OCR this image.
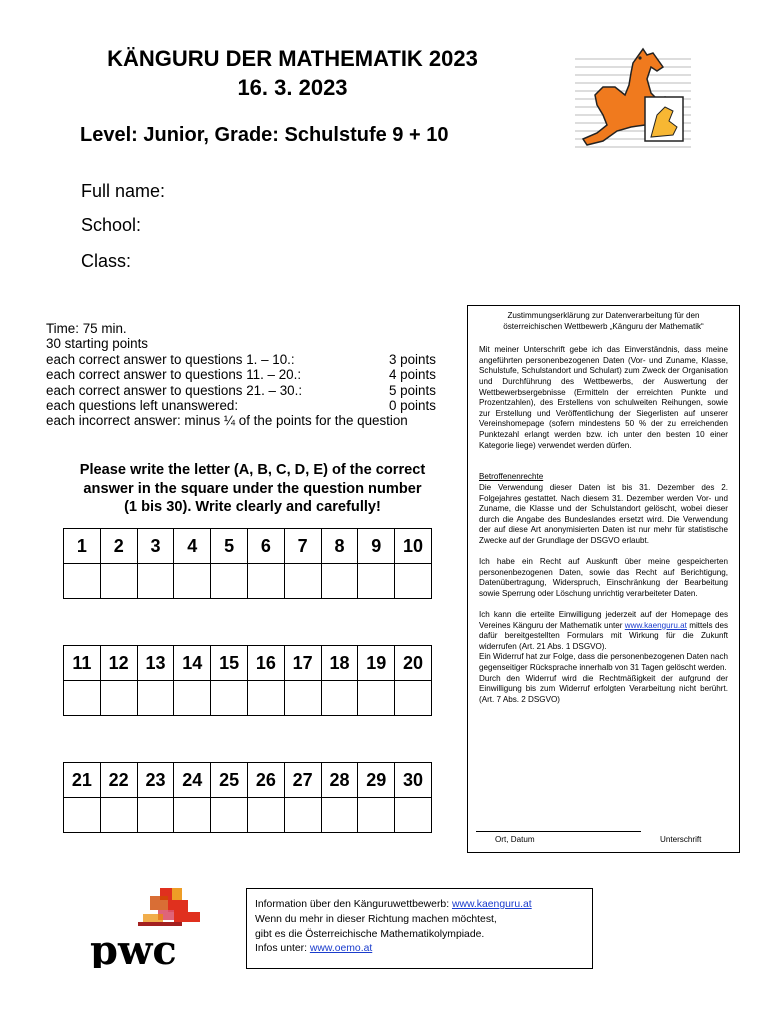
KÄNGURU DER MATHEMATIK 2023
16. 3. 2023
Level: Junior, Grade: Schulstufe 9 + 10
Full name:
School:
Class:
Time: 75 min.
30 starting points
each correct answer to questions 1. – 10.:	3 points
each correct answer to questions 11. – 20.:	4 points
each correct answer to questions 21. – 30.:	5 points
each questions left unanswered:	0 points
each incorrect answer: minus ¼ of the points for the question
Please write the letter (A, B, C, D, E) of the correct
answer in the square under the question number
(1 bis 30). Write clearly and carefully!
1	2	3	4	5	6	7	8	9	10

11	12	13	14	15	16	17	18	19	20

21	22	23	24	25	26	27	28	29	30

Zustimmungserklärung zur Datenverarbeitung für den
österreichischen Wettbewerb „Känguru der Mathematik“

Mit meiner Unterschrift gebe ich das Einverständnis, dass meine angeführten personenbezogenen Daten (Vor- und Zuname, Klasse, Schulstufe, Schulstandort und Schulart) zum Zweck der Organisation und Durchführung des Wettbewerbs, der Auswertung der Wettbewerbsergebnisse (Ermitteln der erreichten Punkte und Prozentzahlen), des Erstellens von schulweiten Reihungen, sowie zur Erstellung und Veröffentlichung der Siegerlisten auf unserer Vereinshomepage (sofern mindestens 50 % der zu erreichenden Punktezahl erlangt werden bzw. ich unter den besten 10 einer Kategorie liege) verwendet werden dürfen.

Betroffenenrechte

Die Verwendung dieser Daten ist bis 31. Dezember des 2. Folgejahres gestattet. Nach diesem 31. Dezember werden Vor- und Zuname, die Klasse und der Schulstandort gelöscht, wobei dieser durch die Angabe des Bundeslandes ersetzt wird. Die Verwendung der auf diese Art anonymisierten Daten ist nur mehr für statistische Zwecke auf der Grundlage der DSGVO erlaubt.

Ich habe ein Recht auf Auskunft über meine gespeicherten personenbezogenen Daten, sowie das Recht auf Berichtigung, Datenübertragung, Widerspruch, Einschränkung der Bearbeitung sowie Sperrung oder Löschung unrichtig verarbeiteter Daten.

Ich kann die erteilte Einwilligung jederzeit auf der Homepage des Vereines Känguru der Mathematik unter www.kaenguru.at mittels des dafür bereitgestellten Formulars mit Wirkung für die Zukunft widerrufen (Art. 21 Abs. 1 DSGVO).

Ein Widerruf hat zur Folge, dass die personenbezogenen Daten nach gegenseitiger Rücksprache innerhalb von 31 Tagen gelöscht werden.

Durch den Widerruf wird die Rechtmäßigkeit der aufgrund der Einwilligung bis zum Widerruf erfolgten Verarbeitung nicht berührt. (Art. 7 Abs. 2 DSGVO)

Ort, Datum	Unterschrift
pwc
Information über den Känguruwettbewerb: www.kaenguru.at
Wenn du mehr in dieser Richtung machen möchtest,
gibt es die Österreichische Mathematikolympiade.
Infos unter: www.oemo.at
